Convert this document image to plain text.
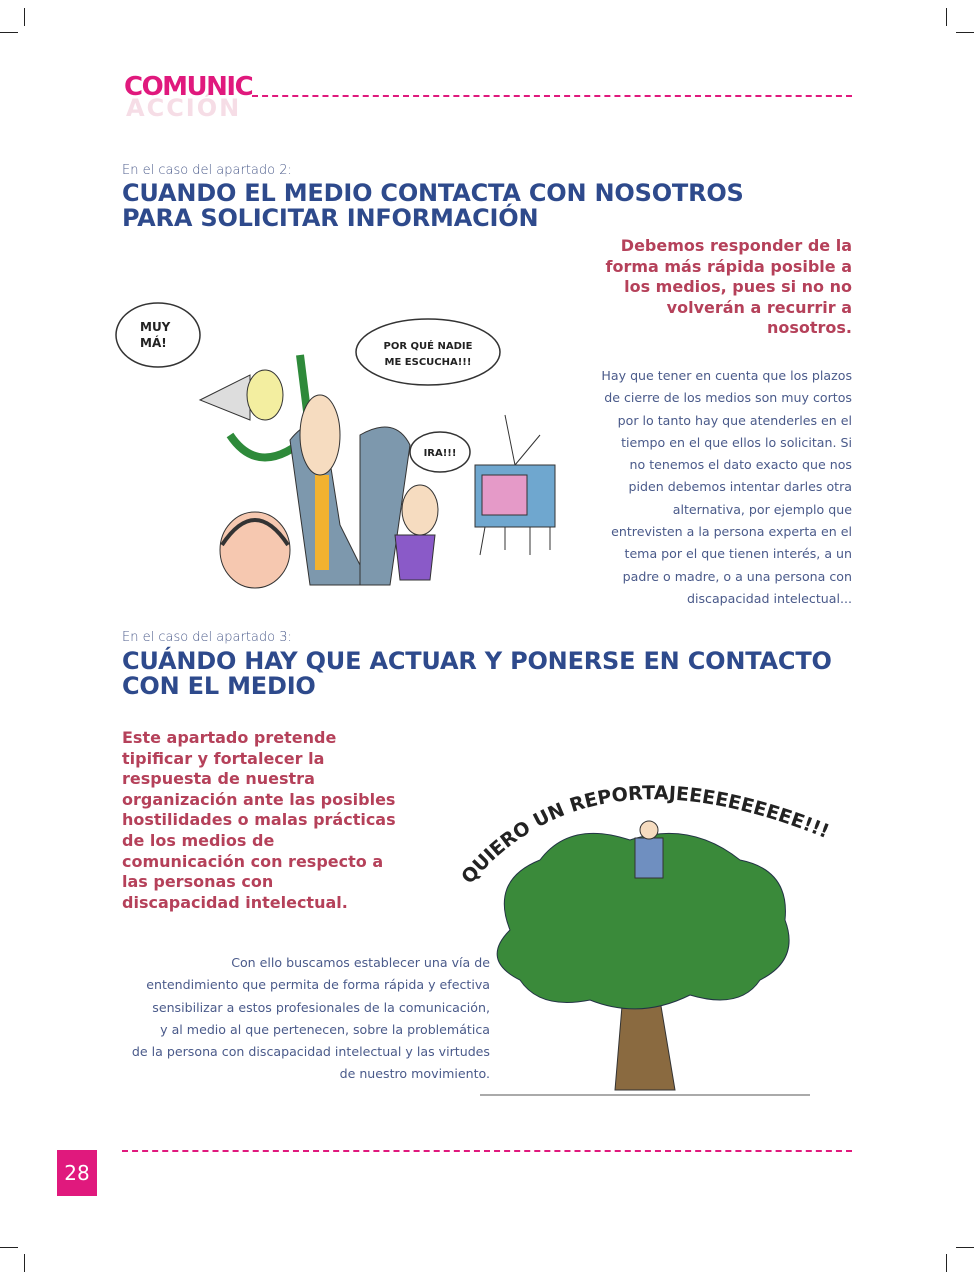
ACCIÓN
COMUNIC
En el caso del apartado 2:
CUANDO EL MEDIO CONTACTA CON NOSOTROS
PARA SOLICITAR INFORMACIÓN
Debemos responder de la
forma más rápida posible a
los medios, pues si no no
volverán a recurrir a
nosotros.
Hay que tener en cuenta que los plazos
de cierre de los medios son muy cortos
por lo tanto hay que atenderles en el
tiempo en el que ellos lo solicitan. Si
no tenemos el dato exacto que nos
piden debemos intentar darles otra
alternativa, por ejemplo que
entrevisten a la persona experta en el
tema por el que tienen interés, a un
padre o madre, o a una persona con
discapacidad intelectual...
MUY
MÁ!	POR QUÉ NADIE
ME ESCUCHA!!!
IRA!!!
En el caso del apartado 3:
CUÁNDO HAY QUE ACTUAR Y PONERSE EN CONTACTO
CON EL MEDIO
Este apartado pretende
tipificar y fortalecer la
respuesta de nuestra
organización ante las posibles
hostilidades o malas prácticas
de los medios de
comunicación con respecto a
las personas con
discapacidad intelectual.
Con ello buscamos establecer una vía de
entendimiento que permita de forma rápida y efectiva
sensibilizar a estos profesionales de la comunicación,
y al medio al que pertenecen, sobre la problemática
de la persona con discapacidad intelectual y las virtudes
de nuestro movimiento.
QUIERO UN REPORTAJEEEEEEEEEE!!!
28
